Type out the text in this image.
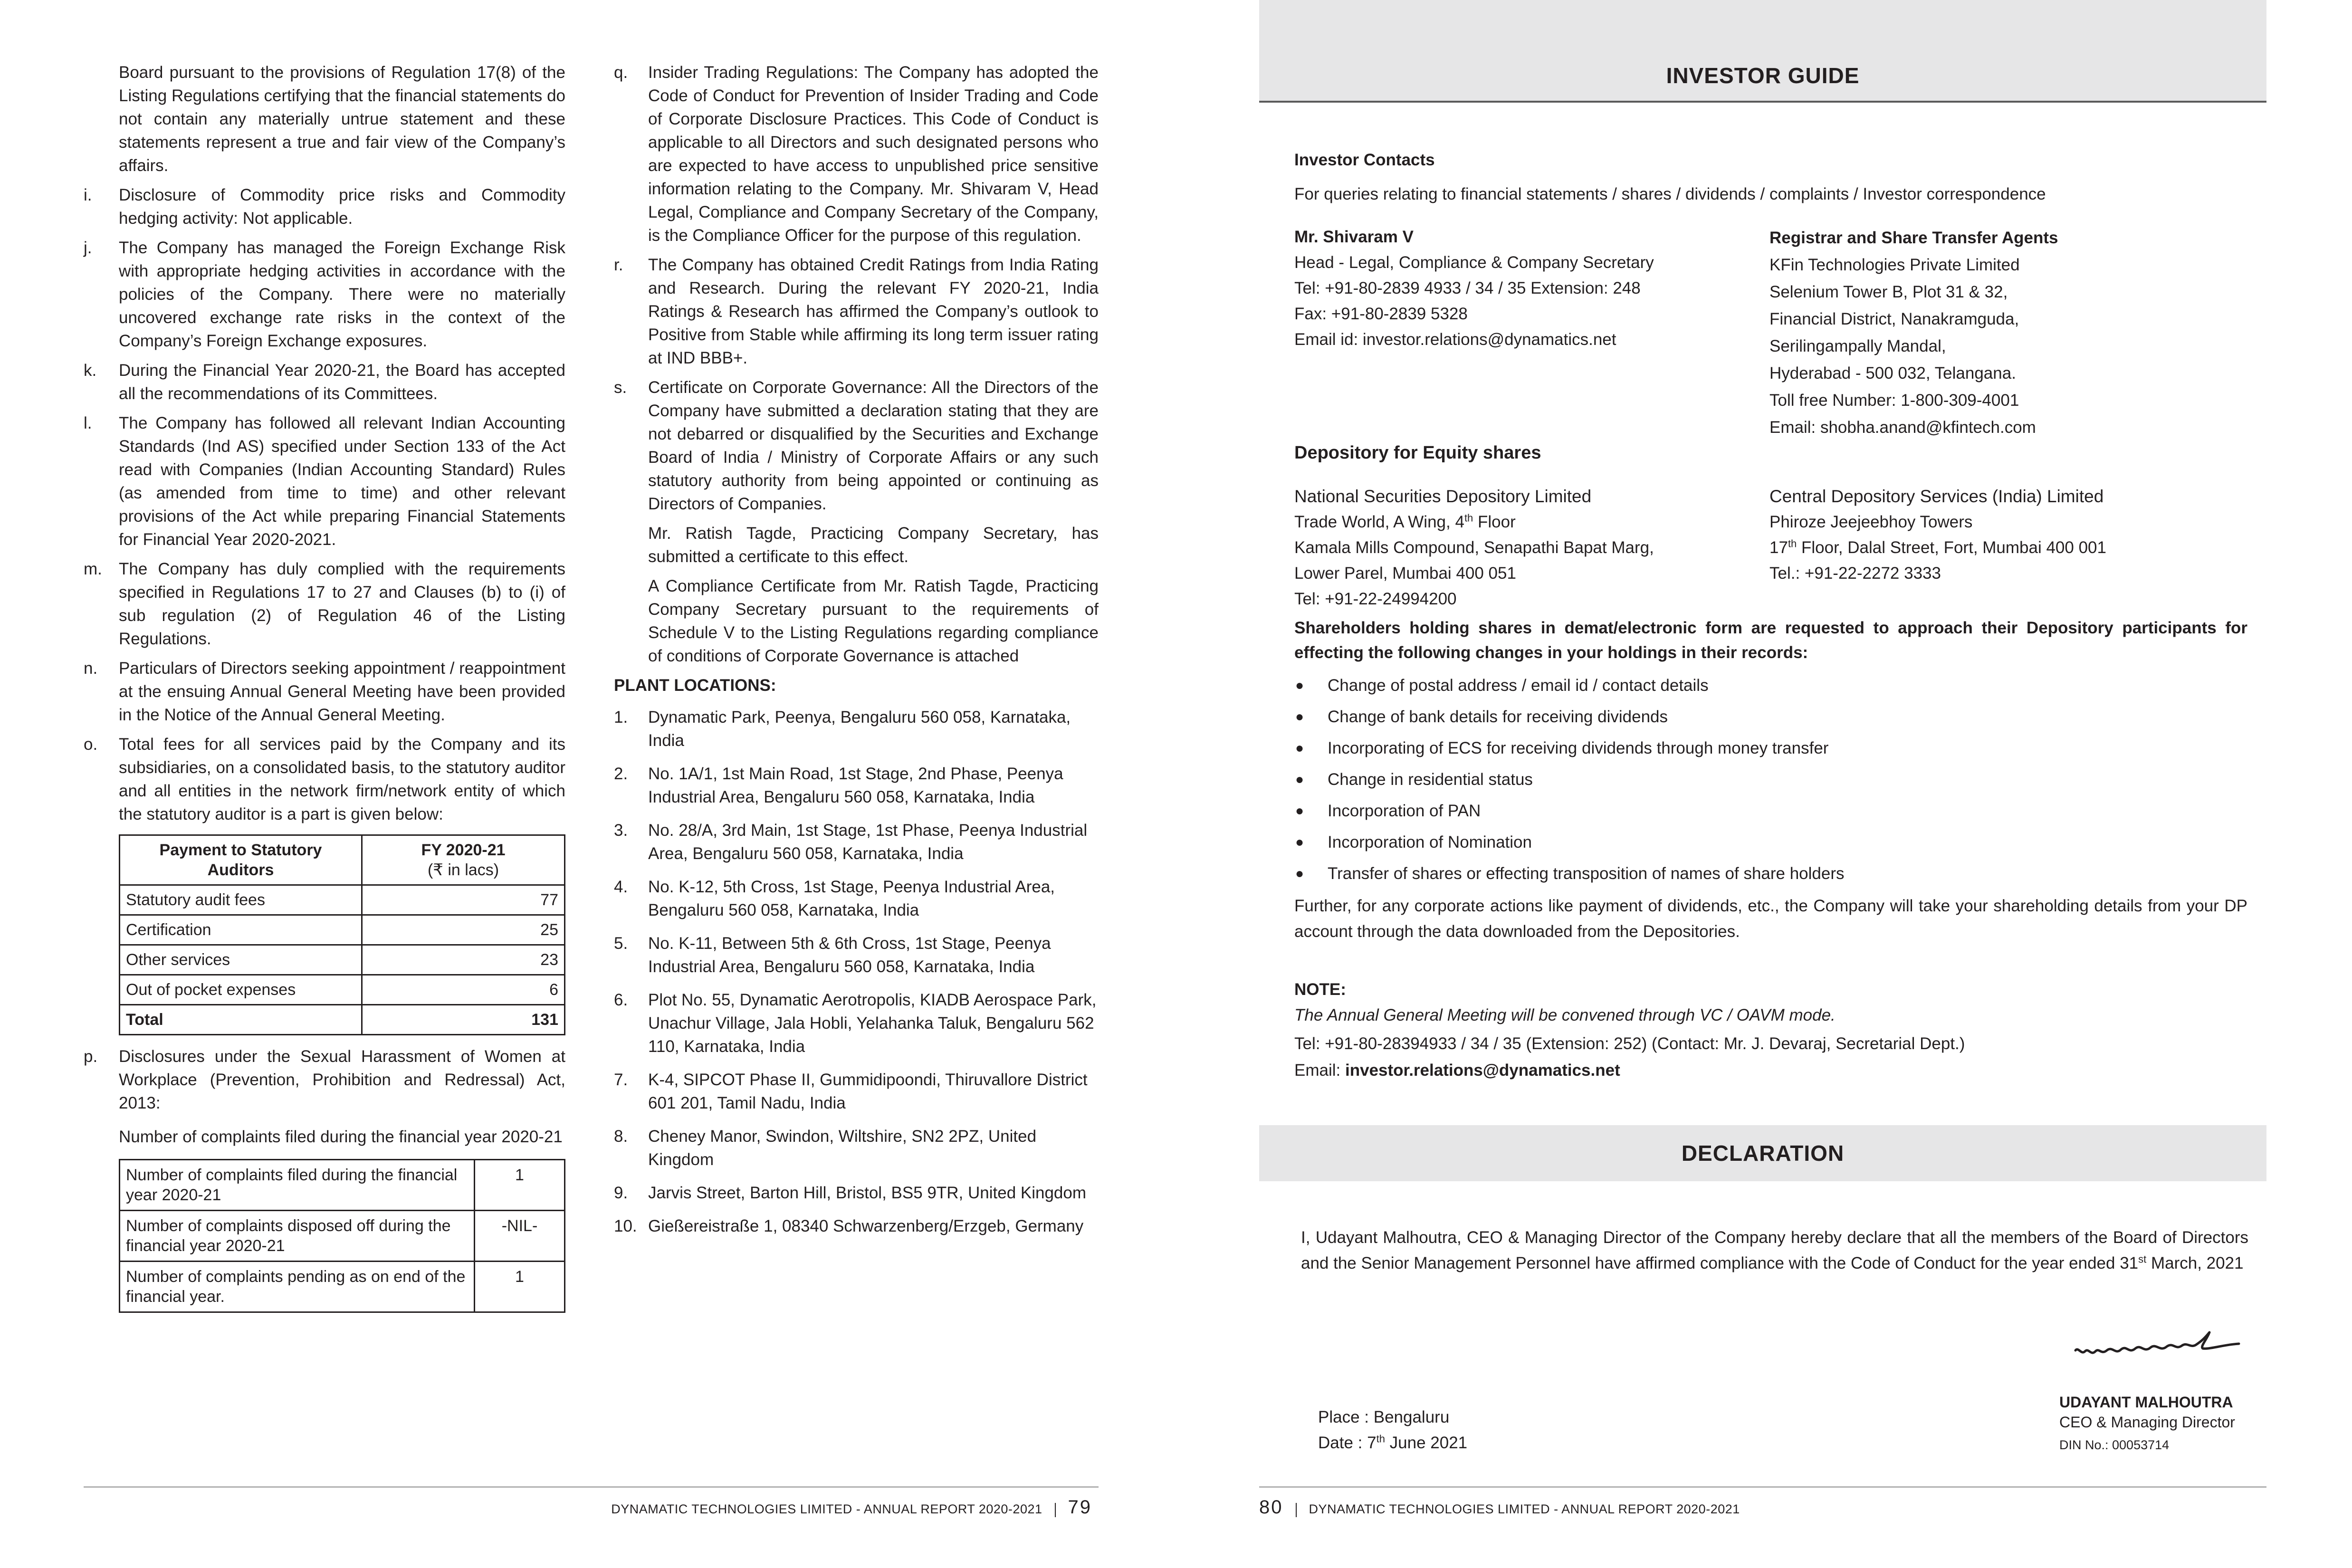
Board pursuant to the provisions of Regulation 17(8) of the Listing Regulations certifying that the financial statements do not contain any materially untrue statement and these statements represent a true and fair view of the Company’s affairs.
i. Disclosure of Commodity price risks and Commodity hedging activity: Not applicable.
j. The Company has managed the Foreign Exchange Risk with appropriate hedging activities in accordance with the policies of the Company. There were no materially uncovered exchange rate risks in the context of the Company’s Foreign Exchange exposures.
k. During the Financial Year 2020-21, the Board has accepted all the recommendations of its Committees.
l. The Company has followed all relevant Indian Accounting Standards (Ind AS) specified under Section 133 of the Act read with Companies (Indian Accounting Standard) Rules (as amended from time to time) and other relevant provisions of the Act while preparing Financial Statements for Financial Year 2020-2021.
m. The Company has duly complied with the requirements specified in Regulations 17 to 27 and Clauses (b) to (i) of sub regulation (2) of Regulation 46 of the Listing Regulations.
n. Particulars of Directors seeking appointment / reappointment at the ensuing Annual General Meeting have been provided in the Notice of the Annual General Meeting.
o. Total fees for all services paid by the Company and its subsidiaries, on a consolidated basis, to the statutory auditor and all entities in the network firm/network entity of which the statutory auditor is a part is given below:
Payment to Statutory Auditors	FY 2020-21
(₹ in lacs)

Statutory audit fees	77
Certification	25
Other services	23
Out of pocket expenses	6
Total	131
p. Disclosures under the Sexual Harassment of Women at Workplace (Prevention, Prohibition and Redressal) Act, 2013:
Number of complaints filed during the financial year 2020-21
Number of complaints filed during the financial year 2020-21	1
Number of complaints disposed off during the financial year 2020-21	-NIL-
Number of complaints pending as on end of the financial year.	1
q. Insider Trading Regulations: The Company has adopted the Code of Conduct for Prevention of Insider Trading and Code of Corporate Disclosure Practices. This Code of Conduct is applicable to all Directors and such designated persons who are expected to have access to unpublished price sensitive information relating to the Company. Mr. Shivaram V, Head Legal, Compliance and Company Secretary of the Company, is the Compliance Officer for the purpose of this regulation.
r. The Company has obtained Credit Ratings from India Rating and Research. During the relevant FY 2020-21, India Ratings & Research has affirmed the Company’s outlook to Positive from Stable while affirming its long term issuer rating at IND BBB+.
s. Certificate on Corporate Governance: All the Directors of the Company have submitted a declaration stating that they are not debarred or disqualified by the Securities and Exchange Board of India / Ministry of Corporate Affairs or any such statutory authority from being appointed or continuing as Directors of Companies.
Mr. Ratish Tagde, Practicing Company Secretary, has submitted a certificate to this effect.
A Compliance Certificate from Mr. Ratish Tagde, Practicing Company Secretary pursuant to the requirements of Schedule V to the Listing Regulations regarding compliance of conditions of Corporate Governance is attached
PLANT LOCATIONS:
1. Dynamatic Park, Peenya, Bengaluru 560 058, Karnataka, India
2. No. 1A/1, 1st Main Road, 1st Stage, 2nd Phase, Peenya Industrial Area, Bengaluru 560 058, Karnataka, India
3. No. 28/A, 3rd Main, 1st Stage, 1st Phase, Peenya Industrial Area, Bengaluru 560 058, Karnataka, India
4. No. K-12, 5th Cross, 1st Stage, Peenya Industrial Area, Bengaluru 560 058, Karnataka, India
5. No. K-11, Between 5th & 6th Cross, 1st Stage, Peenya Industrial Area, Bengaluru 560 058, Karnataka, India
6. Plot No. 55, Dynamatic Aerotropolis, KIADB Aerospace Park, Unachur Village, Jala Hobli, Yelahanka Taluk, Bengaluru 562 110, Karnataka, India
7. K-4, SIPCOT Phase II, Gummidipoondi, Thiruvallore District 601 201, Tamil Nadu, India
8. Cheney Manor, Swindon, Wiltshire, SN2 2PZ, United Kingdom
9. Jarvis Street, Barton Hill, Bristol, BS5 9TR, United Kingdom
10. Gießereistraße 1, 08340 Schwarzenberg/Erzgeb, Germany
DYNAMATIC TECHNOLOGIES LIMITED - ANNUAL REPORT 2020-2021 79
INVESTOR GUIDE
Investor Contacts
For queries relating to financial statements / shares / dividends / complaints / Investor correspondence
Mr. Shivaram V
Head - Legal, Compliance & Company Secretary
Tel: +91-80-2839 4933 / 34 / 35 Extension: 248
Fax: +91-80-2839 5328
Email id: investor.relations@dynamatics.net
Registrar and Share Transfer Agents
KFin Technologies Private Limited
Selenium Tower B, Plot 31 & 32,
Financial District, Nanakramguda,
Serilingampally Mandal,
Hyderabad - 500 032, Telangana.
Toll free Number: 1-800-309-4001
Email: shobha.anand@kfintech.com
Depository for Equity shares
National Securities Depository Limited
Trade World, A Wing, 4th Floor
Kamala Mills Compound, Senapathi Bapat Marg,
Lower Parel, Mumbai 400 051
Tel: +91-22-24994200
Central Depository Services (India) Limited
Phiroze Jeejeebhoy Towers
17th Floor, Dalal Street, Fort, Mumbai 400 001
Tel.: +91-22-2272 3333
Shareholders holding shares in demat/electronic form are requested to approach their Depository participants for effecting the following changes in your holdings in their records:
● Change of postal address / email id / contact details
● Change of bank details for receiving dividends
● Incorporating of ECS for receiving dividends through money transfer
● Change in residential status
● Incorporation of PAN
● Incorporation of Nomination
● Transfer of shares or effecting transposition of names of share holders
Further, for any corporate actions like payment of dividends, etc., the Company will take your shareholding details from your DP account through the data downloaded from the Depositories.
NOTE:
The Annual General Meeting will be convened through VC / OAVM mode.
Tel: +91-80-28394933 / 34 / 35 (Extension: 252) (Contact: Mr. J. Devaraj, Secretarial Dept.)
Email: investor.relations@dynamatics.net
DECLARATION
I, Udayant Malhoutra, CEO & Managing Director of the Company hereby declare that all the members of the Board of Directors and the Senior Management Personnel have affirmed compliance with the Code of Conduct for the year ended 31st March, 2021
Place : Bengaluru
Date : 7th June 2021
UDAYANT MALHOUTRA
CEO & Managing Director
DIN No.: 00053714
80 DYNAMATIC TECHNOLOGIES LIMITED - ANNUAL REPORT 2020-2021
